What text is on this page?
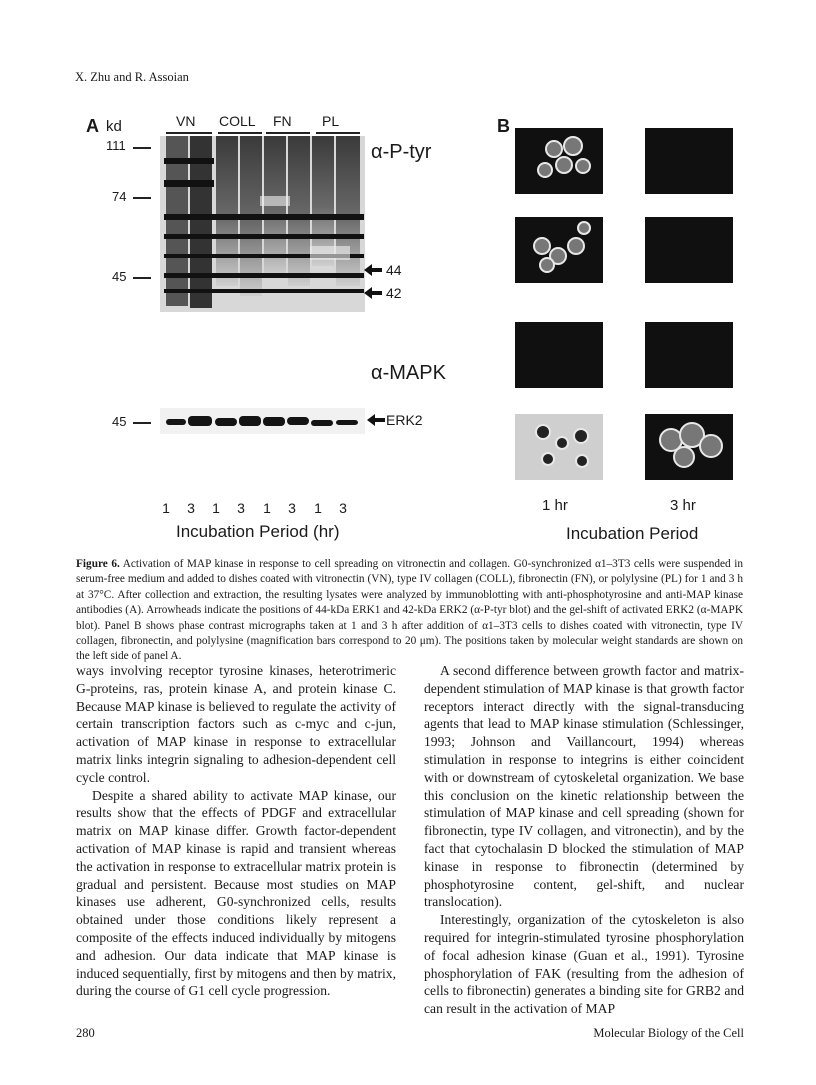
X. Zhu and R. Assoian
A kd	VN COLL FN PL
111
74
45
α-P-tyr
44
42
α-MAPK
45	ERK2
1	3	1	3	1	3	1	3
Incubation Period (hr)
B
1 hr	3 hr
Incubation Period
Figure 6. Activation of MAP kinase in response to cell spreading on vitronectin and collagen. G0-synchronized α1–3T3 cells were suspended in serum-free medium and added to dishes coated with vitronectin (VN), type IV collagen (COLL), fibronectin (FN), or polylysine (PL) for 1 and 3 h at 37°C. After collection and extraction, the resulting lysates were analyzed by immunoblotting with anti-phosphotyrosine and anti-MAP kinase antibodies (A). Arrowheads indicate the positions of 44-kDa ERK1 and 42-kDa ERK2 (α-P-tyr blot) and the gel-shift of activated ERK2 (α-MAPK blot). Panel B shows phase contrast micrographs taken at 1 and 3 h after addition of α1–3T3 cells to dishes coated with vitronectin, type IV collagen, fibronectin, and polylysine (magnification bars correspond to 20 μm). The positions taken by molecular weight standards are shown on the left side of panel A.

ways involving receptor tyrosine kinases, heterotrimeric G-proteins, ras, protein kinase A, and protein kinase C. Because MAP kinase is believed to regulate the activity of certain transcription factors such as c-myc and c-jun, activation of MAP kinase in response to extracellular matrix links integrin signaling to adhesion-dependent cell cycle control.

Despite a shared ability to activate MAP kinase, our results show that the effects of PDGF and extracellular matrix on MAP kinase differ. Growth factor-dependent activation of MAP kinase is rapid and transient whereas the activation in response to extracellular matrix protein is gradual and persistent. Because most studies on MAP kinases use adherent, G0-synchronized cells, results obtained under those conditions likely represent a composite of the effects induced individually by mitogens and adhesion. Our data indicate that MAP kinase is induced sequentially, first by mitogens and then by matrix, during the course of G1 cell cycle progression.

A second difference between growth factor and matrix-dependent stimulation of MAP kinase is that growth factor receptors interact directly with the signal-transducing agents that lead to MAP kinase stimulation (Schlessinger, 1993; Johnson and Vaillancourt, 1994) whereas stimulation in response to integrins is either coincident with or downstream of cytoskeletal organization. We base this conclusion on the kinetic relationship between the stimulation of MAP kinase and cell spreading (shown for fibronectin, type IV collagen, and vitronectin), and by the fact that cytochalasin D blocked the stimulation of MAP kinase in response to fibronectin (determined by phosphotyrosine content, gel-shift, and nuclear translocation).

Interestingly, organization of the cytoskeleton is also required for integrin-stimulated tyrosine phosphorylation of focal adhesion kinase (Guan et al., 1991). Tyrosine phosphorylation of FAK (resulting from the adhesion of cells to fibronectin) generates a binding site for GRB2 and can result in the activation of MAP

280	Molecular Biology of the Cell
